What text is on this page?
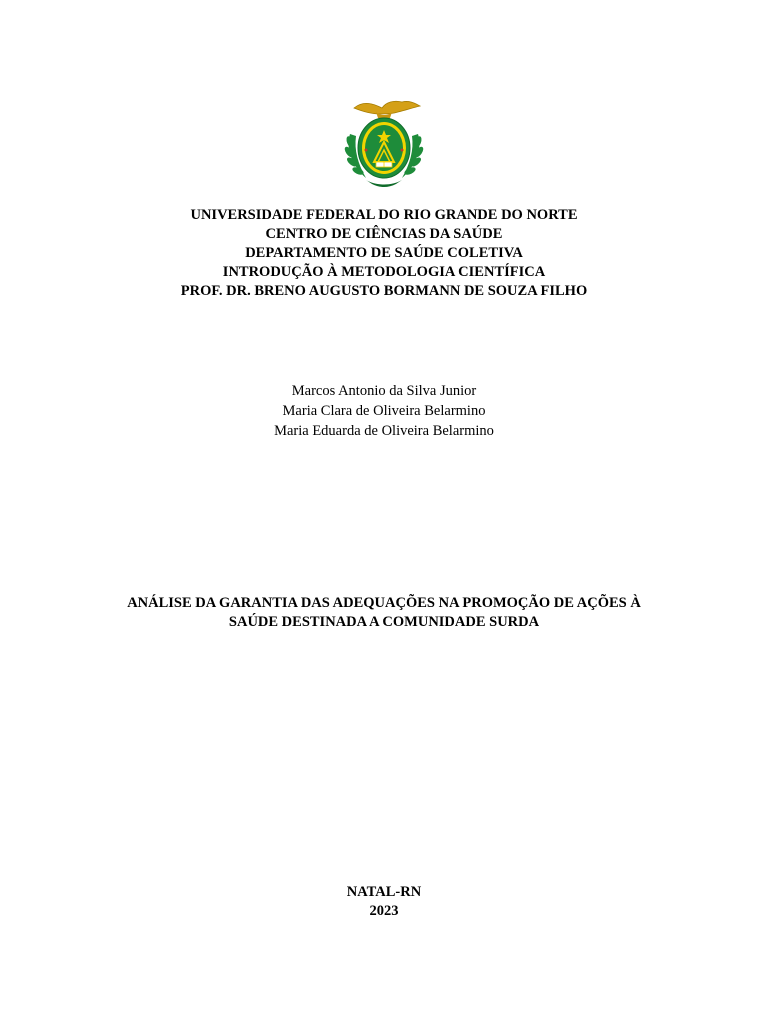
UNIVERSIDADE FEDERAL DO RIO GRANDE DO NORTE
CENTRO DE CIÊNCIAS DA SAÚDE
DEPARTAMENTO DE SAÚDE COLETIVA
INTRODUÇÃO À METODOLOGIA CIENTÍFICA
PROF. DR. BRENO AUGUSTO BORMANN DE SOUZA FILHO
Marcos Antonio da Silva Junior
Maria Clara de Oliveira Belarmino
Maria Eduarda de Oliveira Belarmino
ANÁLISE DA GARANTIA DAS ADEQUAÇÕES NA PROMOÇÃO DE AÇÕES À
SAÚDE DESTINADA A COMUNIDADE SURDA
NATAL-RN
2023
